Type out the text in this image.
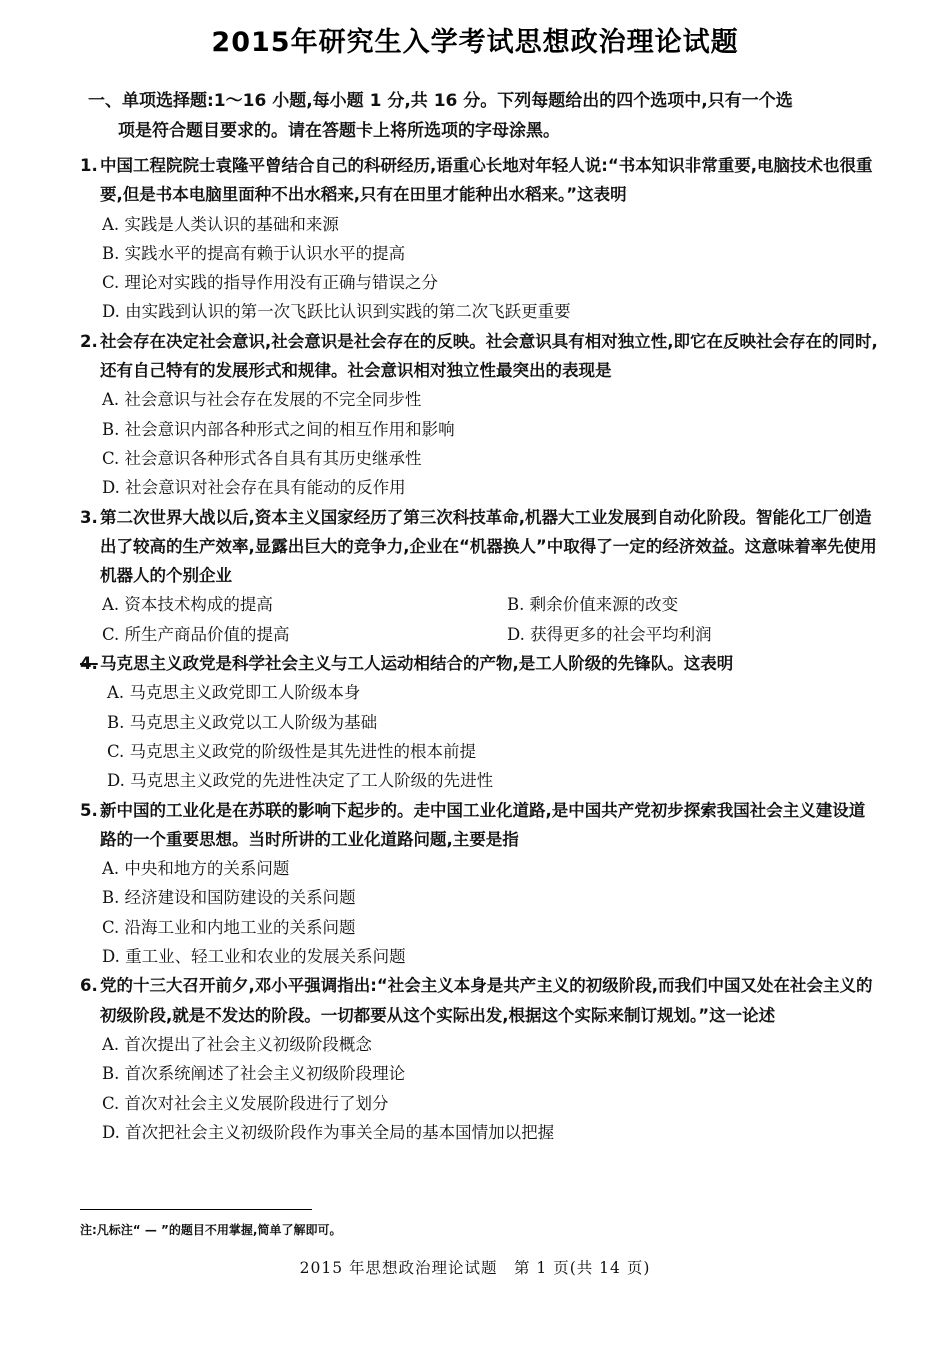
2015年研究生入学考试思想政治理论试题
一、单项选择题:1～16 小题,每小题 1 分,共 16 分。下列每题给出的四个选项中,只有一个选
项是符合题目要求的。请在答题卡上将所选项的字母涂黑。
1. 中国工程院院士袁隆平曾结合自己的科研经历,语重心长地对年轻人说:“书本知识非常重要,电脑技术也很重要,但是书本电脑里面种不出水稻来,只有在田里才能种出水稻来。”这表明
A. 实践是人类认识的基础和来源
B. 实践水平的提高有赖于认识水平的提高
C. 理论对实践的指导作用没有正确与错误之分
D. 由实践到认识的第一次飞跃比认识到实践的第二次飞跃更重要
2. 社会存在决定社会意识,社会意识是社会存在的反映。社会意识具有相对独立性,即它在反映社会存在的同时,还有自己特有的发展形式和规律。社会意识相对独立性最突出的表现是
A. 社会意识与社会存在发展的不完全同步性
B. 社会意识内部各种形式之间的相互作用和影响
C. 社会意识各种形式各自具有其历史继承性
D. 社会意识对社会存在具有能动的反作用
3. 第二次世界大战以后,资本主义国家经历了第三次科技革命,机器大工业发展到自动化阶段。智能化工厂创造出了较高的生产效率,显露出巨大的竞争力,企业在“机器换人”中取得了一定的经济效益。这意味着率先使用机器人的个别企业
A. 资本技术构成的提高	B. 剩余价值来源的改变
C. 所生产商品价值的提高	D. 获得更多的社会平均利润
4. 马克思主义政党是科学社会主义与工人运动相结合的产物,是工人阶级的先锋队。这表明
A. 马克思主义政党即工人阶级本身
B. 马克思主义政党以工人阶级为基础
C. 马克思主义政党的阶级性是其先进性的根本前提
D. 马克思主义政党的先进性决定了工人阶级的先进性
5. 新中国的工业化是在苏联的影响下起步的。走中国工业化道路,是中国共产党初步探索我国社会主义建设道路的一个重要思想。当时所讲的工业化道路问题,主要是指
A. 中央和地方的关系问题
B. 经济建设和国防建设的关系问题
C. 沿海工业和内地工业的关系问题
D. 重工业、轻工业和农业的发展关系问题
6. 党的十三大召开前夕,邓小平强调指出:“社会主义本身是共产主义的初级阶段,而我们中国又处在社会主义的初级阶段,就是不发达的阶段。一切都要从这个实际出发,根据这个实际来制订规划。”这一论述
A. 首次提出了社会主义初级阶段概念
B. 首次系统阐述了社会主义初级阶段理论
C. 首次对社会主义发展阶段进行了划分
D. 首次把社会主义初级阶段作为事关全局的基本国情加以把握
注:凡标注“ — ”的题目不用掌握,简单了解即可。
2015 年思想政治理论试题　第 1 页(共 14 页)
